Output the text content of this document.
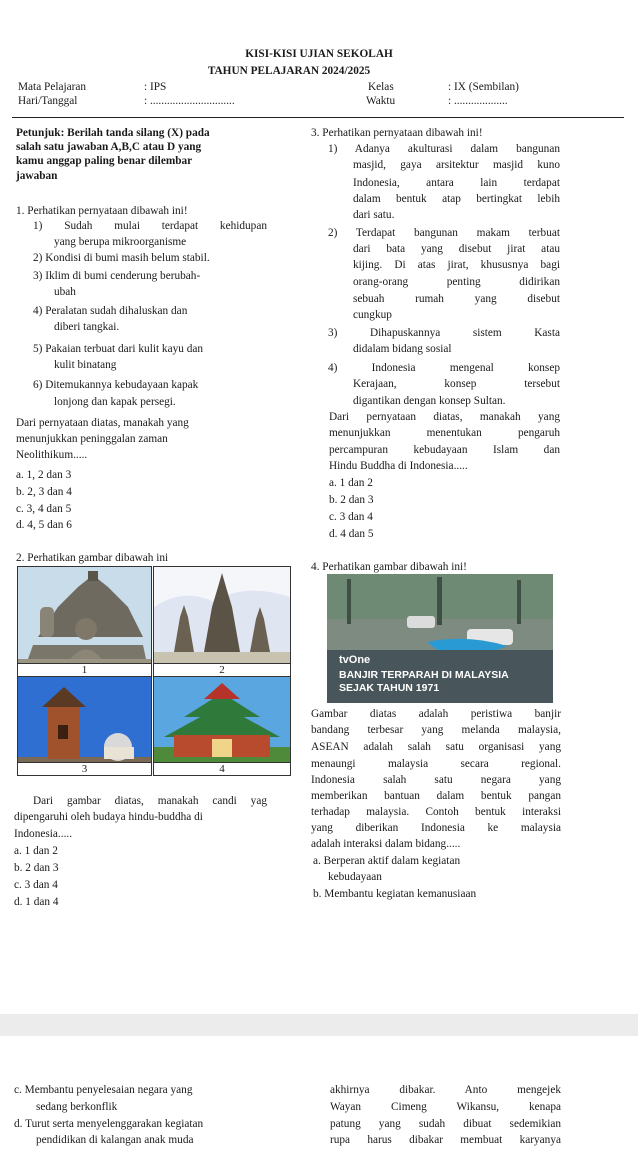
KISI-KISI UJIAN SEKOLAH
TAHUN PELAJARAN 2024/2025
Mata Pelajaran	: IPS	Kelas	: IX (Sembilan)
Hari/Tanggal	: ..............................	Waktu	: ...................
Petunjuk: Berilah tanda silang (X) pada
salah satu jawaban A,B,C atau D yang
kamu anggap paling benar dilembar
jawaban
1. Perhatikan pernyataan dibawah ini!
1) Sudah mulai terdapat kehidupan
yang berupa mikroorganisme
2) Kondisi di bumi masih belum stabil.
3) Iklim di bumi cenderung berubah-
ubah
4) Peralatan sudah dihaluskan dan
diberi tangkai.
5) Pakaian terbuat dari kulit kayu dan
kulit binatang
6) Ditemukannya kebudayaan kapak
lonjong dan kapak persegi.
Dari pernyataan diatas, manakah yang
menunjukkan peninggalan zaman
Neolithikum.....
a. 1, 2 dan 3
b. 2, 3 dan 4
c. 3, 4 dan 5
d. 4, 5 dan 6
2. Perhatikan gambar dibawah ini
1	2
3	4
Dari gambar diatas, manakah candi yag
dipengaruhi oleh budaya hindu-buddha di
Indonesia.....
a. 1 dan 2
b. 2 dan 3
c. 3 dan 4
d. 1 dan 4
3. Perhatikan pernyataan dibawah ini!
1) Adanya akulturasi dalam bangunan
masjid, gaya arsitektur masjid kuno
Indonesia, antara lain terdapat
dalam bentuk atap bertingkat lebih
dari satu.
2) Terdapat bangunan makam terbuat
dari bata yang disebut jirat atau
kijing. Di atas jirat, khususnya bagi
orang-orang penting didirikan
sebuah rumah yang disebut
cungkup
3) Dihapuskannya sistem Kasta
didalam bidang sosial
4) Indonesia mengenal konsep
Kerajaan, konsep tersebut
digantikan dengan konsep Sultan.
Dari pernyataan diatas, manakah yang
menunjukkan menentukan pengaruh
percampuran kebudayaan Islam dan
Hindu Buddha di Indonesia.....
a. 1 dan 2
b. 2 dan 3
c. 3 dan 4
d. 4 dan 5
4. Perhatikan gambar dibawah ini!
tvOne
BANJIR TERPARAH DI MALAYSIA
SEJAK TAHUN 1971
Gambar diatas adalah peristiwa banjir
bandang terbesar yang melanda malaysia,
ASEAN adalah salah satu organisasi yang
menaungi malaysia secara regional.
Indonesia salah satu negara yang
memberikan bantuan dalam bentuk pangan
terhadap malaysia. Contoh bentuk interaksi
yang diberikan Indonesia ke malaysia
adalah interaksi dalam bidang.....
a. Berperan aktif dalam kegiatan
kebudayaan
b. Membantu kegiatan kemanusiaan
c. Membantu penyelesaian negara yang
sedang berkonflik
d. Turut serta menyelenggarakan kegiatan
pendidikan di kalangan anak muda
akhirnya dibakar. Anto mengejek
Wayan Cimeng Wikansu, kenapa
patung yang sudah dibuat sedemikian
rupa harus dibakar membuat karyanya
